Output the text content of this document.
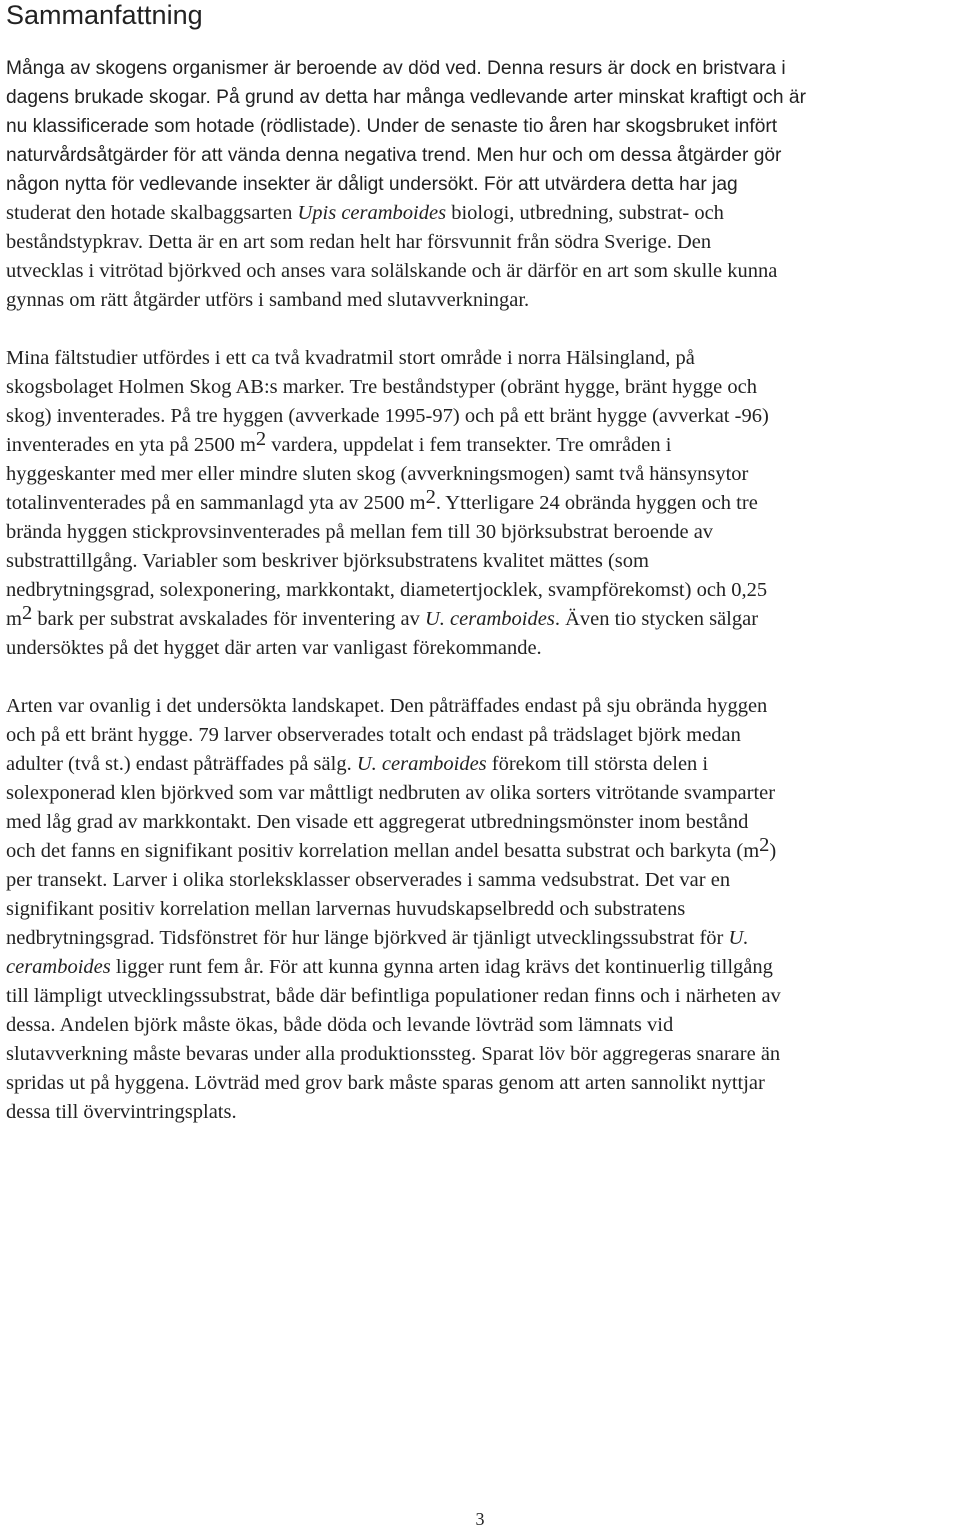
Sammanfattning

Många av skogens organismer är beroende av död ved. Denna resurs är dock en bristvara i
dagens brukade skogar. På grund av detta har många vedlevande arter minskat kraftigt och är
nu klassificerade som hotade (rödlistade). Under de senaste tio åren har skogsbruket infört
naturvårdsåtgärder för att vända denna negativa trend. Men hur och om dessa åtgärder gör
någon nytta för vedlevande insekter är dåligt undersökt. För att utvärdera detta har jag
studerat den hotade skalbaggsarten Upis ceramboides biologi, utbredning, substrat- och
beståndstypkrav. Detta är en art som redan helt har försvunnit från södra Sverige. Den
utvecklas i vitrötad björkved och anses vara solälskande och är därför en art som skulle kunna
gynnas om rätt åtgärder utförs i samband med slutavverkningar.

Mina fältstudier utfördes i ett ca två kvadratmil stort område i norra Hälsingland, på
skogsbolaget Holmen Skog AB:s marker. Tre beståndstyper (obränt hygge, bränt hygge och
skog) inventerades. På tre hyggen (avverkade 1995-97) och på ett bränt hygge (avverkat -96)
inventerades en yta på 2500 $m^2$ vardera, uppdelat i fem transekter. Tre områden i
hyggeskanter med mer eller mindre sluten skog (avverkningsmogen) samt två hänsynsytor
totalinventerades på en sammanlagd yta av 2500 $m^2$. Ytterligare 24 obrända hyggen och tre
brända hyggen stickprovsinventerades på mellan fem till 30 björksubstrat beroende av
substrattillgång. Variabler som beskriver björksubstratens kvalitet mättes (som
nedbrytningsgrad, solexponering, markkontakt, diametertjocklek, svampförekomst) och 0,25
$m^2$ bark per substrat avskalades för inventering av U. ceramboides. Även tio stycken sälgar
undersöktes på det hygget där arten var vanligast förekommande.

Arten var ovanlig i det undersökta landskapet. Den påträffades endast på sju obrända hyggen
och på ett bränt hygge. 79 larver observerades totalt och endast på trädslaget björk medan
adulter (två st.) endast påträffades på sälg. U. ceramboides förekom till största delen i
solexponerad klen björkved som var måttligt nedbruten av olika sorters vitrötande svamparter
med låg grad av markkontakt. Den visade ett aggregerat utbredningsmönster inom bestånd
och det fanns en signifikant positiv korrelation mellan andel besatta substrat och barkyta $(m^2)$
per transekt. Larver i olika storleksklasser observerades i samma vedsubstrat. Det var en
signifikant positiv korrelation mellan larvernas huvudskapselbredd och substratens
nedbrytningsgrad. Tidsfönstret för hur länge björkved är tjänligt utvecklingssubstrat för U.
ceramboides ligger runt fem år. För att kunna gynna arten idag krävs det kontinuerlig tillgång
till lämpligt utvecklingssubstrat, både där befintliga populationer redan finns och i närheten av
dessa. Andelen björk måste ökas, både döda och levande lövträd som lämnats vid
slutavverkning måste bevaras under alla produktionssteg. Sparat löv bör aggregeras snarare än
spridas ut på hyggena. Lövträd med grov bark måste sparas genom att arten sannolikt nyttjar
dessa till övervintringsplats.

3
